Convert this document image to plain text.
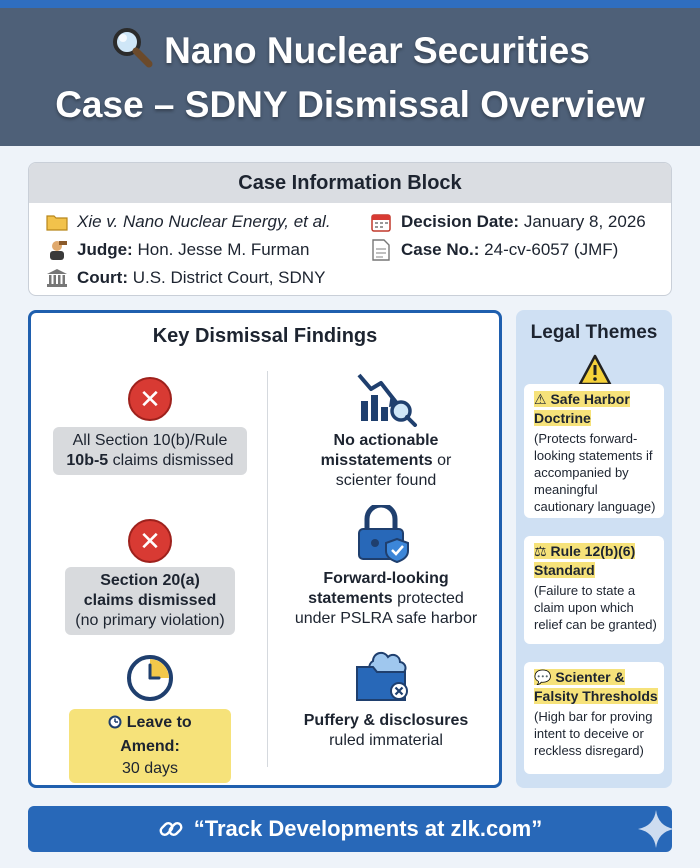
Nano Nuclear Securities
Case – SDNY Dismissal Overview
Case Information Block
Xie v. Nano Nuclear Energy, et al.
Judge:
Hon. Jesse M. Furman
Court:
U.S. District Court, SDNY
Decision Date:
January 8, 2026
Case No.:
24-cv-6057 (JMF)
Key Dismissal Findings
✕
All Section 10(b)/Rule
10b-5 claims dismissed
✕
Section 20(a)
claims dismissed
(no primary violation)
Leave to Amend:
30 days
No actionable
misstatements or
scienter found
Forward-looking
statements protected
under PSLRA safe harbor
Puffery & disclosures
ruled immaterial
Legal Themes
⚠ Safe Harbor Doctrine
(Protects forward-looking statements if accompanied by meaningful cautionary language)
⚖ Rule 12(b)(6) Standard
(Failure to state a claim upon which relief can be granted)
💬 Scienter & Falsity Thresholds
(High bar for proving intent to deceive or reckless disregard)
“Track Developments at zlk.com”
